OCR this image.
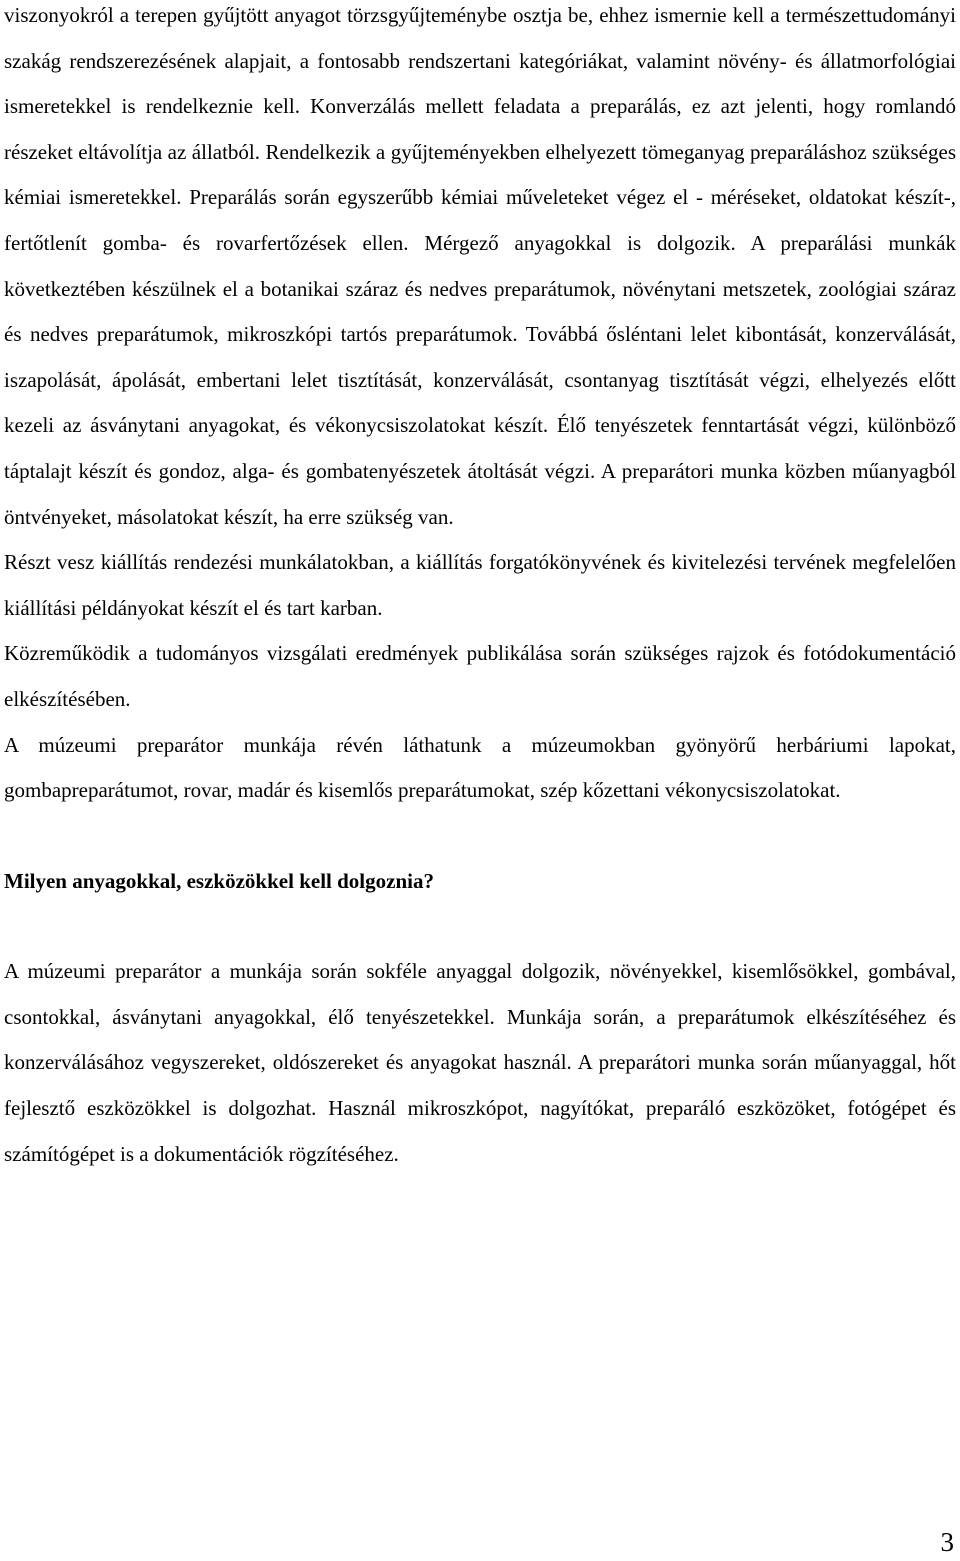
viszonyokról a terepen gyűjtött anyagot törzsgyűjteménybe osztja be, ehhez ismernie kell a természettudományi szakág rendszerezésének alapjait, a fontosabb rendszertani kategóriákat, valamint növény- és állatmorfológiai ismeretekkel is rendelkeznie kell. Konverzálás mellett feladata a preparálás, ez azt jelenti, hogy romlandó részeket eltávolítja az állatból. Rendelkezik a gyűjteményekben elhelyezett tömeganyag preparáláshoz szükséges kémiai ismeretekkel. Preparálás során egyszerűbb kémiai műveleteket végez el - méréseket, oldatokat készít-, fertőtlenít gomba- és rovarfertőzések ellen. Mérgező anyagokkal is dolgozik. A preparálási munkák következtében készülnek el a botanikai száraz és nedves preparátumok, növénytani metszetek, zoológiai száraz és nedves preparátumok, mikroszkópi tartós preparátumok. Továbbá ősléntani lelet kibontását, konzerválását, iszapolását, ápolását, embertani lelet tisztítását, konzerválását, csontanyag tisztítását végzi, elhelyezés előtt kezeli az ásványtani anyagokat, és vékonycsiszolatokat készít. Élő tenyészetek fenntartását végzi, különböző táptalajt készít és gondoz, alga- és gombatenyészetek átoltását végzi. A preparátori munka közben műanyagból öntvényeket, másolatokat készít, ha erre szükség van.

Részt vesz kiállítás rendezési munkálatokban, a kiállítás forgatókönyvének és kivitelezési tervének megfelelően kiállítási példányokat készít el és tart karban.

Közreműködik a tudományos vizsgálati eredmények publikálása során szükséges rajzok és fotódokumentáció elkészítésében.

A múzeumi preparátor munkája révén láthatunk a múzeumokban gyönyörű herbáriumi lapokat, gombapreparátumot, rovar, madár és kisemlős preparátumokat, szép kőzettani vékonycsiszolatokat.

Milyen anyagokkal, eszközökkel kell dolgoznia?

A múzeumi preparátor a munkája során sokféle anyaggal dolgozik, növényekkel, kisemlősökkel, gombával, csontokkal, ásványtani anyagokkal, élő tenyészetekkel. Munkája során, a preparátumok elkészítéséhez és konzerválásához vegyszereket, oldószereket és anyagokat használ. A preparátori munka során műanyaggal, hőt fejlesztő eszközökkel is dolgozhat. Használ mikroszkópot, nagyítókat, preparáló eszközöket, fotógépet és számítógépet is a dokumentációk rögzítéséhez.

3
